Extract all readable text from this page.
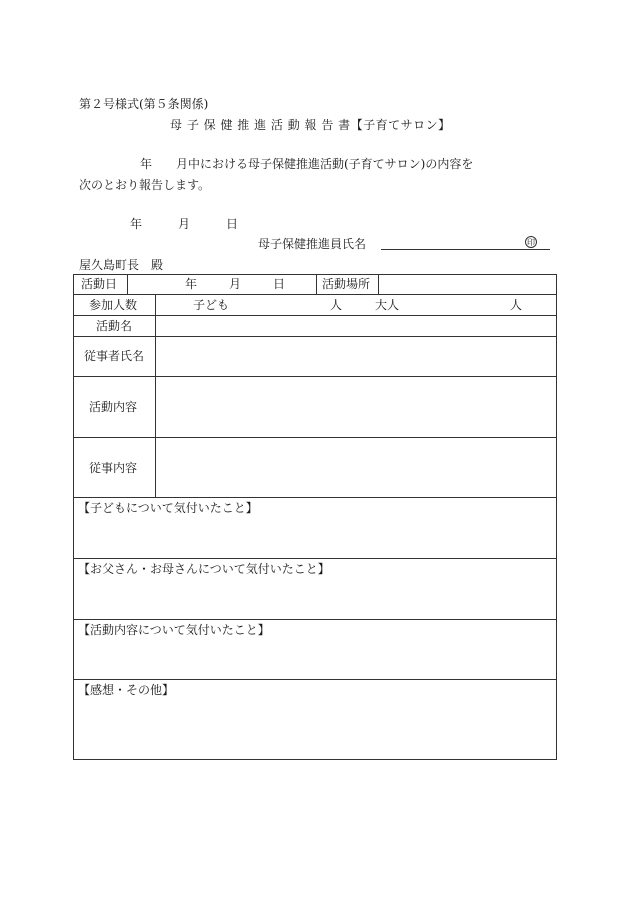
第２号様式(第５条関係)
母 子 保 健 推 進 活 動 報 告 書【子育てサロン】
年　　月中における母子保健推進活動(子育てサロン)の内容を
次のとおり報告します。
年　　　月　　　日
母子保健推進員氏名	印
屋久島町長　殿
活動日	年	月	日	活動場所
参加人数	子ども	人	大人	人
活動名
従事者氏名
活動内容
従事内容
【子どもについて気付いたこと】
【お父さん・お母さんについて気付いたこと】
【活動内容について気付いたこと】
【感想・その他】
